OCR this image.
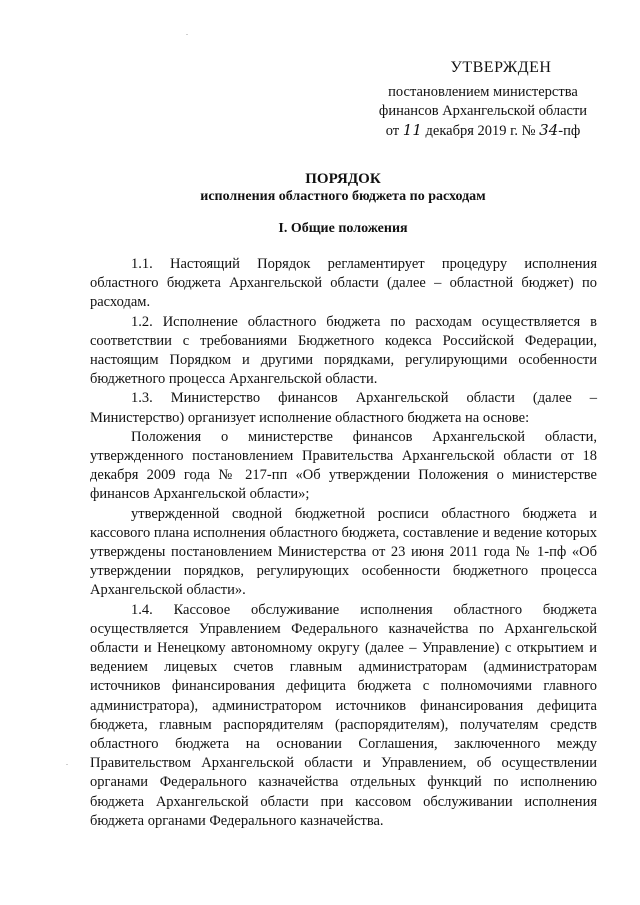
УТВЕРЖДЕН
постановлением министерства
финансов Архангельской области
от 11 декабря 2019 г. № 34-пф
ПОРЯДОК
исполнения областного бюджета по расходам
I. Общие положения

1.1. Настоящий Порядок регламентирует процедуру исполнения областного бюджета Архангельской области (далее – областной бюджет) по расходам.

1.2. Исполнение областного бюджета по расходам осуществляется в соответствии с требованиями Бюджетного кодекса Российской Федерации, настоящим Порядком и другими порядками, регулирующими особенности бюджетного процесса Архангельской области.

1.3. Министерство финансов Архангельской области (далее – Министерство) организует исполнение областного бюджета на основе:

Положения о министерстве финансов Архангельской области, утвержденного постановлением Правительства Архангельской области от 18 декабря 2009 года № 217-пп «Об утверждении Положения о министерстве финансов Архангельской области»;

утвержденной сводной бюджетной росписи областного бюджета и кассового плана исполнения областного бюджета, составление и ведение которых утверждены постановлением Министерства от 23 июня 2011 года № 1-пф «Об утверждении порядков, регулирующих особенности бюджетного процесса Архангельской области».

1.4. Кассовое обслуживание исполнения областного бюджета осуществляется Управлением Федерального казначейства по Архангельской области и Ненецкому автономному округу (далее – Управление) с открытием и ведением лицевых счетов главным администраторам (администраторам источников финансирования дефицита бюджета с полномочиями главного администратора), администратором источников финансирования дефицита бюджета, главным распорядителям (распорядителям), получателям средств областного бюджета на основании Соглашения, заключенного между Правительством Архангельской области и Управлением, об осуществлении органами Федерального казначейства отдельных функций по исполнению бюджета Архангельской области при кассовом обслуживании исполнения бюджета органами Федерального казначейства.
